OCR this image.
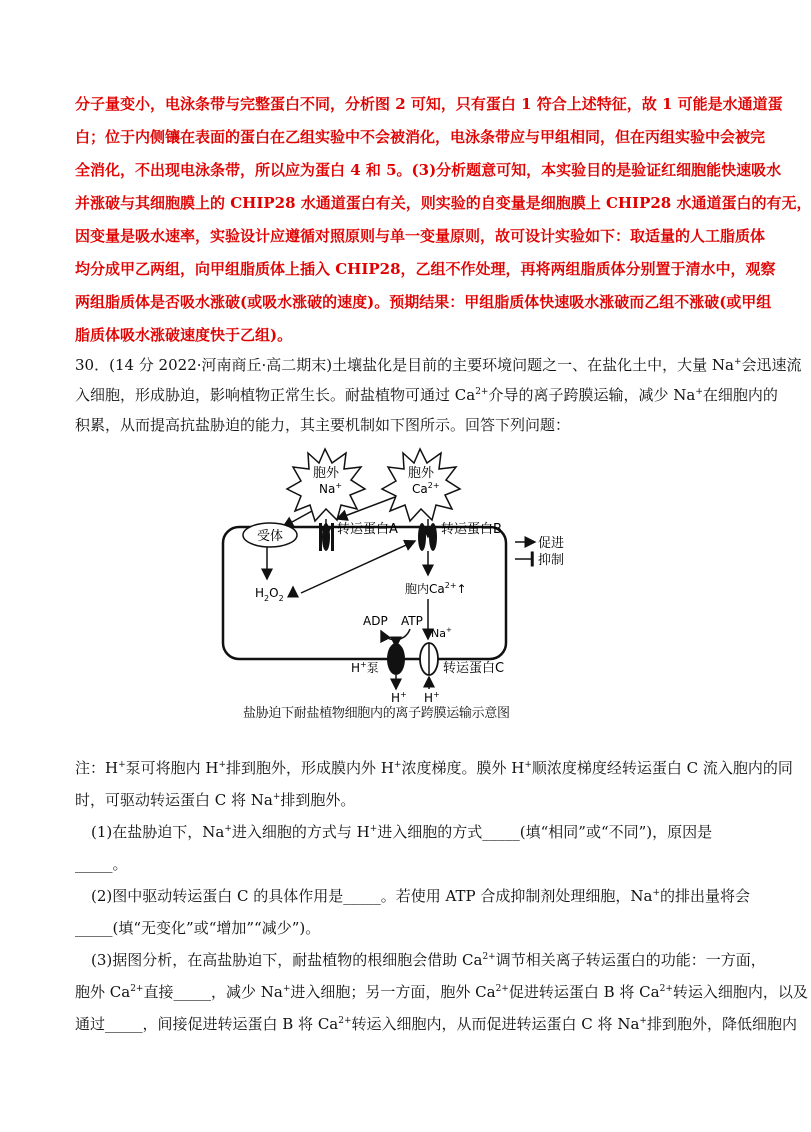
分子量变小，电泳条带与完整蛋白不同，分析图 2 可知，只有蛋白 1 符合上述特征，故 1 可能是水通道蛋
白；位于内侧镶在表面的蛋白在乙组实验中不会被消化，电泳条带应与甲组相同，但在丙组实验中会被完
全消化，不出现电泳条带，所以应为蛋白 4 和 5。(3)分析题意可知，本实验目的是验证红细胞能快速吸水
并涨破与其细胞膜上的 CHIP28 水通道蛋白有关，则实验的自变量是细胞膜上 CHIP28 水通道蛋白的有无，
因变量是吸水速率，实验设计应遵循对照原则与单一变量原则，故可设计实验如下：取适量的人工脂质体
均分成甲乙两组，向甲组脂质体上插入 CHIP28，乙组不作处理，再将两组脂质体分别置于清水中，观察
两组脂质体是否吸水涨破(或吸水涨破的速度)。预期结果：甲组脂质体快速吸水涨破而乙组不涨破(或甲组
脂质体吸水涨破速度快于乙组)。
30．(14 分 2022·河南商丘·高二期末)土壤盐化是目前的主要环境问题之一、在盐化土中，大量 Na+会迅速流
入细胞，形成胁迫，影响植物正常生长。耐盐植物可通过 $Ca^{2+}$介导的离子跨膜运输，减少 Na+在细胞内的
积累，从而提高抗盐胁迫的能力，其主要机制如下图所示。回答下列问题：
胞外
Na+
胞外
$Ca^{2+}$
受体	转运蛋白A	转运蛋白B
促进
抑制
$H_2O_2$
胞内$Ca^{2+}↑$
ADP ATP
Na+
H+泵	转运蛋白C
H+ H+
盐胁迫下耐盐植物细胞内的离子跨膜运输示意图
注：H+泵可将胞内 H+排到胞外，形成膜内外 H+浓度梯度。膜外 H+顺浓度梯度经转运蛋白 C 流入胞内的同
时，可驱动转运蛋白 C 将 Na+排到胞外。
(1)在盐胁迫下，Na+进入细胞的方式与 H+进入细胞的方式_____(填“相同”或“不同”)，原因是
_____。
(2)图中驱动转运蛋白 C 的具体作用是_____。若使用 ATP 合成抑制剂处理细胞，Na+的排出量将会
_____(填“无变化”或“增加”“减少”)。
(3)据图分析，在高盐胁迫下，耐盐植物的根细胞会借助 $Ca^{2+}$调节相关离子转运蛋白的功能：一方面，
胞外 $Ca^{2+}$直接_____，减少 Na+进入细胞；另一方面，胞外 $Ca^{2+}$促进转运蛋白 B 将 $Ca^{2+}$转运入细胞内，以及
通过_____，间接促进转运蛋白 B 将 $Ca^{2+}$转运入细胞内，从而促进转运蛋白 C 将 Na+排到胞外，降低细胞内
